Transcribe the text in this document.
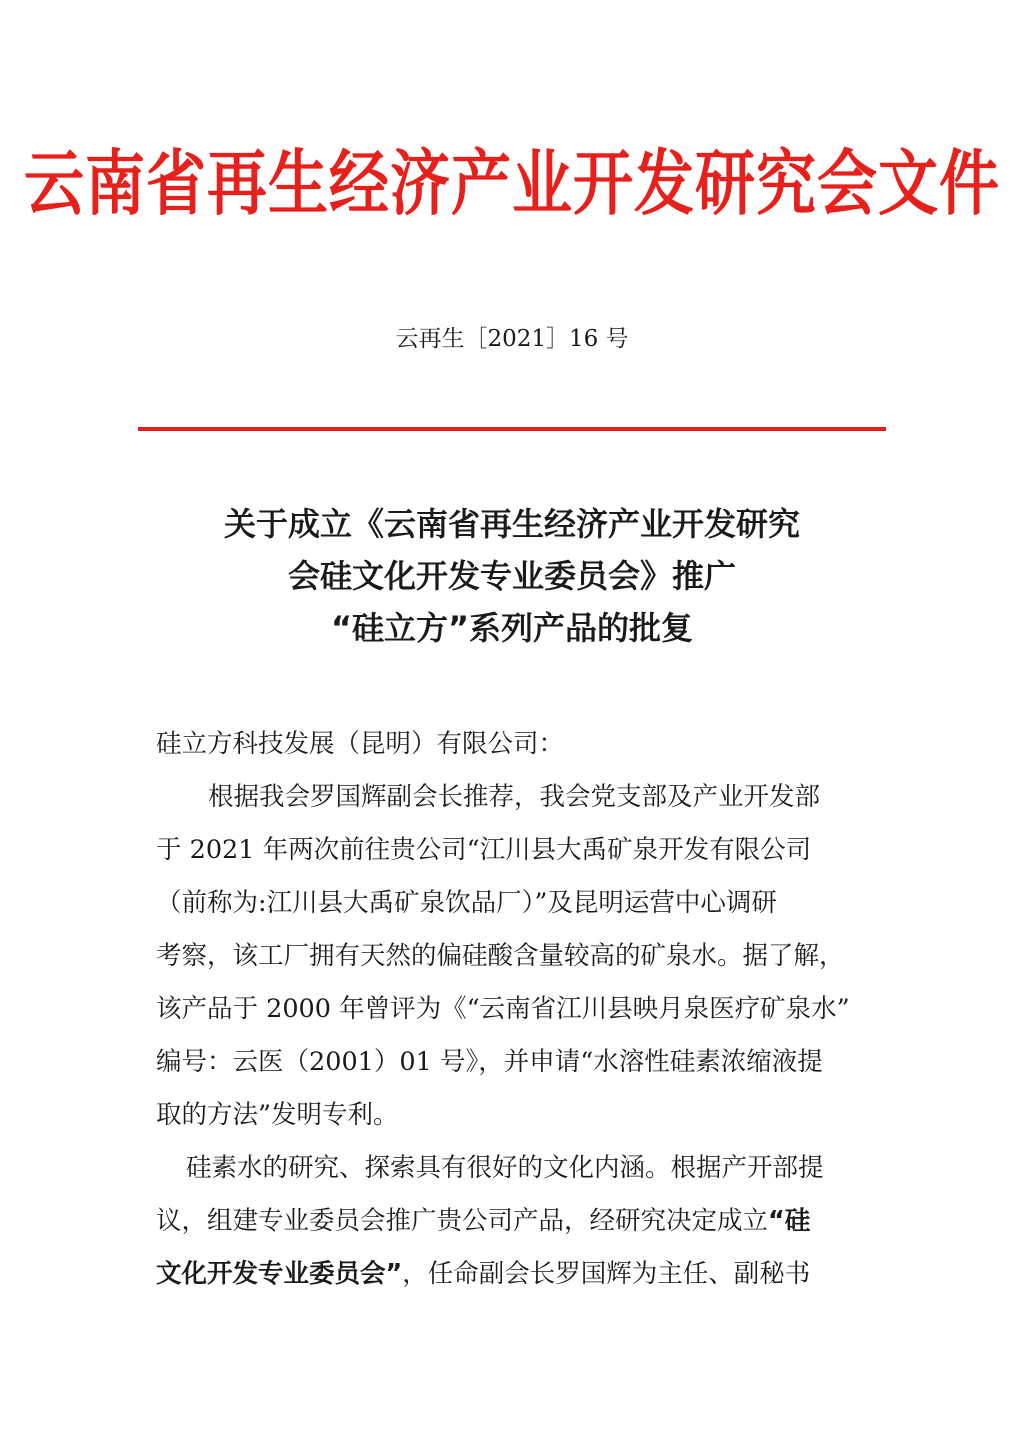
云南省再生经济产业开发研究会文件
云再生［2021］16 号
关于成立《云南省再生经济产业开发研究
会硅文化开发专业委员会》推广
“硅立方”系列产品的批复
硅立方科技发展（昆明）有限公司：
根据我会罗国辉副会长推荐，我会党支部及产业开发部
于 2021 年两次前往贵公司“江川县大禹矿泉开发有限公司
（前称为:江川县大禹矿泉饮品厂）”及昆明运营中心调研
考察，该工厂拥有天然的偏硅酸含量较高的矿泉水。据了解，
该产品于 2000 年曾评为《“云南省江川县映月泉医疗矿泉水”
编号：云医（2001）01 号》，并申请“水溶性硅素浓缩液提
取的方法”发明专利。
硅素水的研究、探索具有很好的文化内涵。根据产开部提
议，组建专业委员会推广贵公司产品，经研究决定成立“硅
文化开发专业委员会”，任命副会长罗国辉为主任、副秘书
